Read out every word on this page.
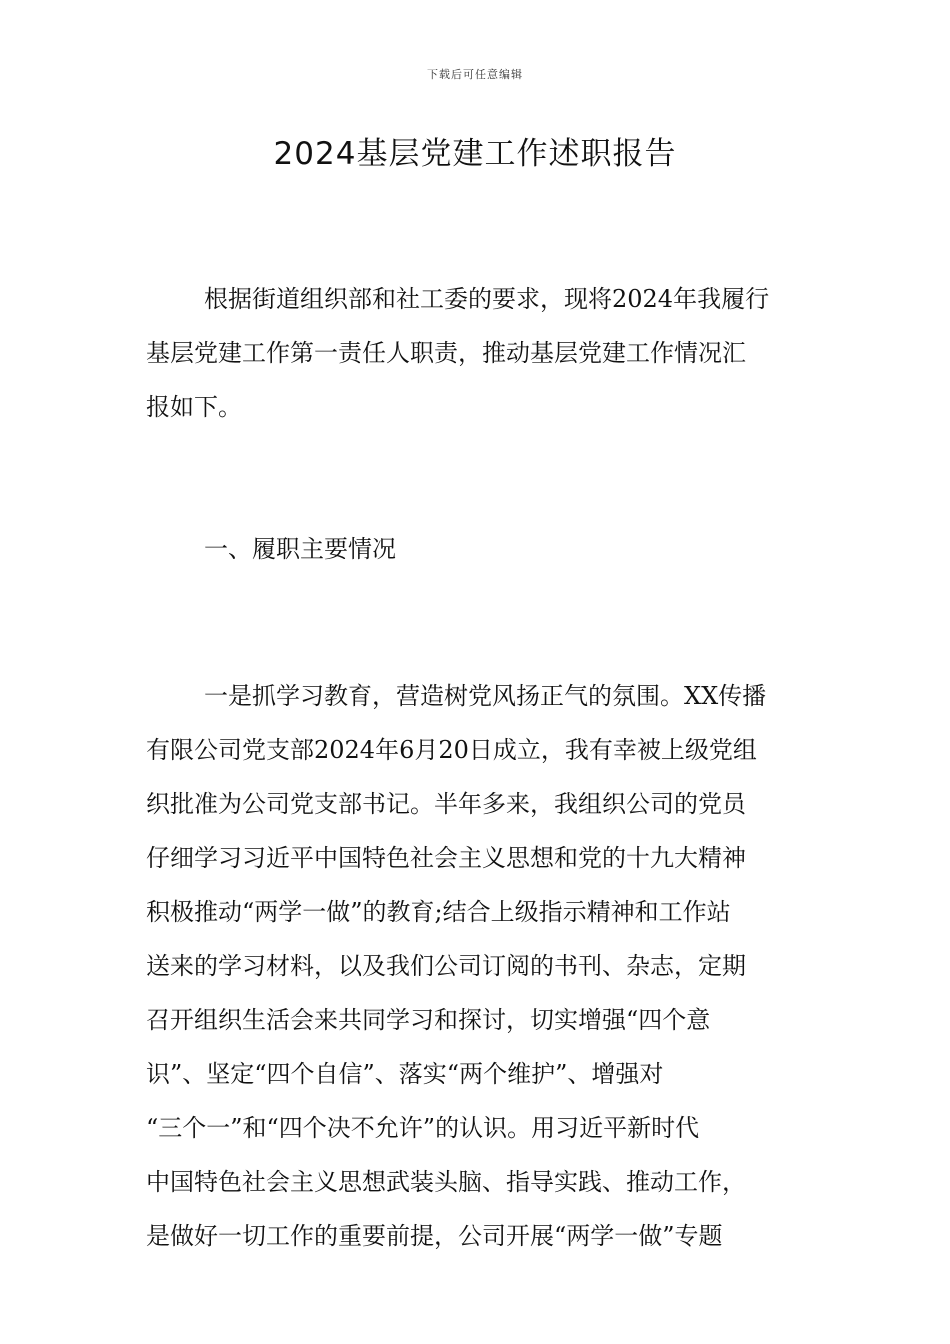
下载后可任意编辑
2024基层党建工作述职报告
根据街道组织部和社工委的要求，现将2024年我履行
基层党建工作第一责任人职责，推动基层党建工作情况汇
报如下。
一、履职主要情况
一是抓学习教育，营造树党风扬正气的氛围。XX传播
有限公司党支部2024年6月20日成立，我有幸被上级党组
织批准为公司党支部书记。半年多来，我组织公司的党员
仔细学习习近平中国特色社会主义思想和党的十九大精神
积极推动“两学一做”的教育;结合上级指示精神和工作站
送来的学习材料，以及我们公司订阅的书刊、杂志，定期
召开组织生活会来共同学习和探讨，切实增强“四个意
识”、坚定“四个自信”、落实“两个维护”、增强对
“三个一”和“四个决不允许”的认识。用习近平新时代
中国特色社会主义思想武装头脑、指导实践、推动工作，
是做好一切工作的重要前提，公司开展“两学一做”专题
